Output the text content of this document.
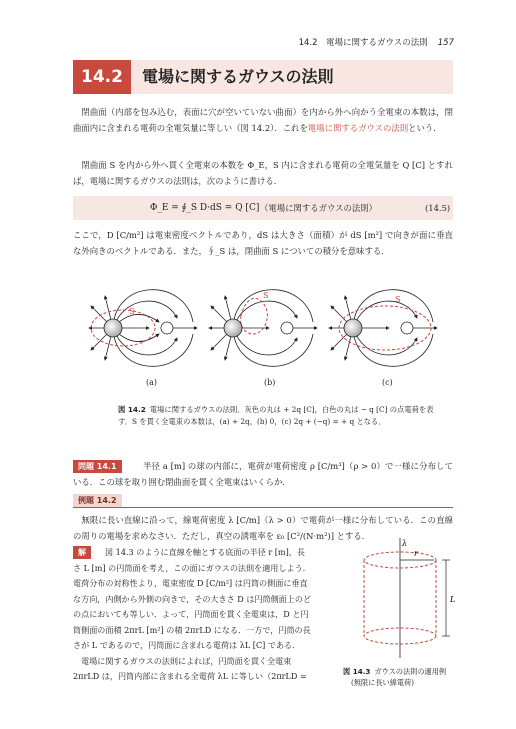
14.2　電場に関するガウスの法則 157
14.2	電場に関するガウスの法則
閉曲面（内部を包み込む，表面に穴が空いていない曲面）を内から外へ向かう全電束の本数は，閉曲面内に含まれる電荷の全電気量に等しい（図 14.2）．これを電場に関するガウスの法則という．
閉曲面 S を内から外へ貫く全電束の本数を Φ_E，S 内に含まれる電荷の全電気量を Q [C] とすれば，電場に関するガウスの法則は，次のように書ける．
Φ_E = ∮_S D·dS = Q [C] （電場に関するガウスの法則）	(14.5)
ここで，D [C/m²] は電束密度ベクトルであり，dS は大きさ（面積）が dS [m²] で向きが面に垂直な外向きのベクトルである．また，∮_S は，閉曲面 S についての積分を意味する．
S
S	S
(a)	(b)	(c)
図 14.2 電場に関するガウスの法則．灰色の丸は + 2q [C]，白色の丸は − q [C] の点電荷を表す．S を貫く全電束の本数は，(a) + 2q，(b) 0，(c) 2q + (−q) = + q となる．
問題 14.1	半径 a [m] の球の内部に，電荷が電荷密度 ρ [C/m³]（ρ > 0）で一様に分布している．この球を取り囲む閉曲面を貫く全電束はいくらか．
例題 14.2
無限に長い直線に沿って，線電荷密度 λ [C/m]（λ > 0）で電荷が一様に分布している．この直線の周りの電場を求めなさい．ただし，真空の誘電率を ε₀ [C²/(N·m²)] とする．
解	図 14.3 のように直線を軸とする底面の半径 r [m]，長
さ L [m] の円筒面を考え，この面にガウスの法則を適用しよう．
電荷分布の対称性より，電束密度 D [C/m²] は円筒の側面に垂直
な方向，内側から外側の向きで，その大きさ D は円筒側面上のど
の点においても等しい．よって，円筒面を貫く全電束は，D と円
筒側面の面積 2πrL [m²] の積 2πrLD になる．一方で，円筒の長
さが L であるので，円筒面に含まれる電荷は λL [C] である．
　電場に関するガウスの法則によれば，円筒面を貫く全電束
2πrLD は，円筒内部に含まれる全電荷 λL に等しい（2πrLD =
λ
r
L
図 14.3 ガウスの法則の適用例
(無限に長い線電荷)
